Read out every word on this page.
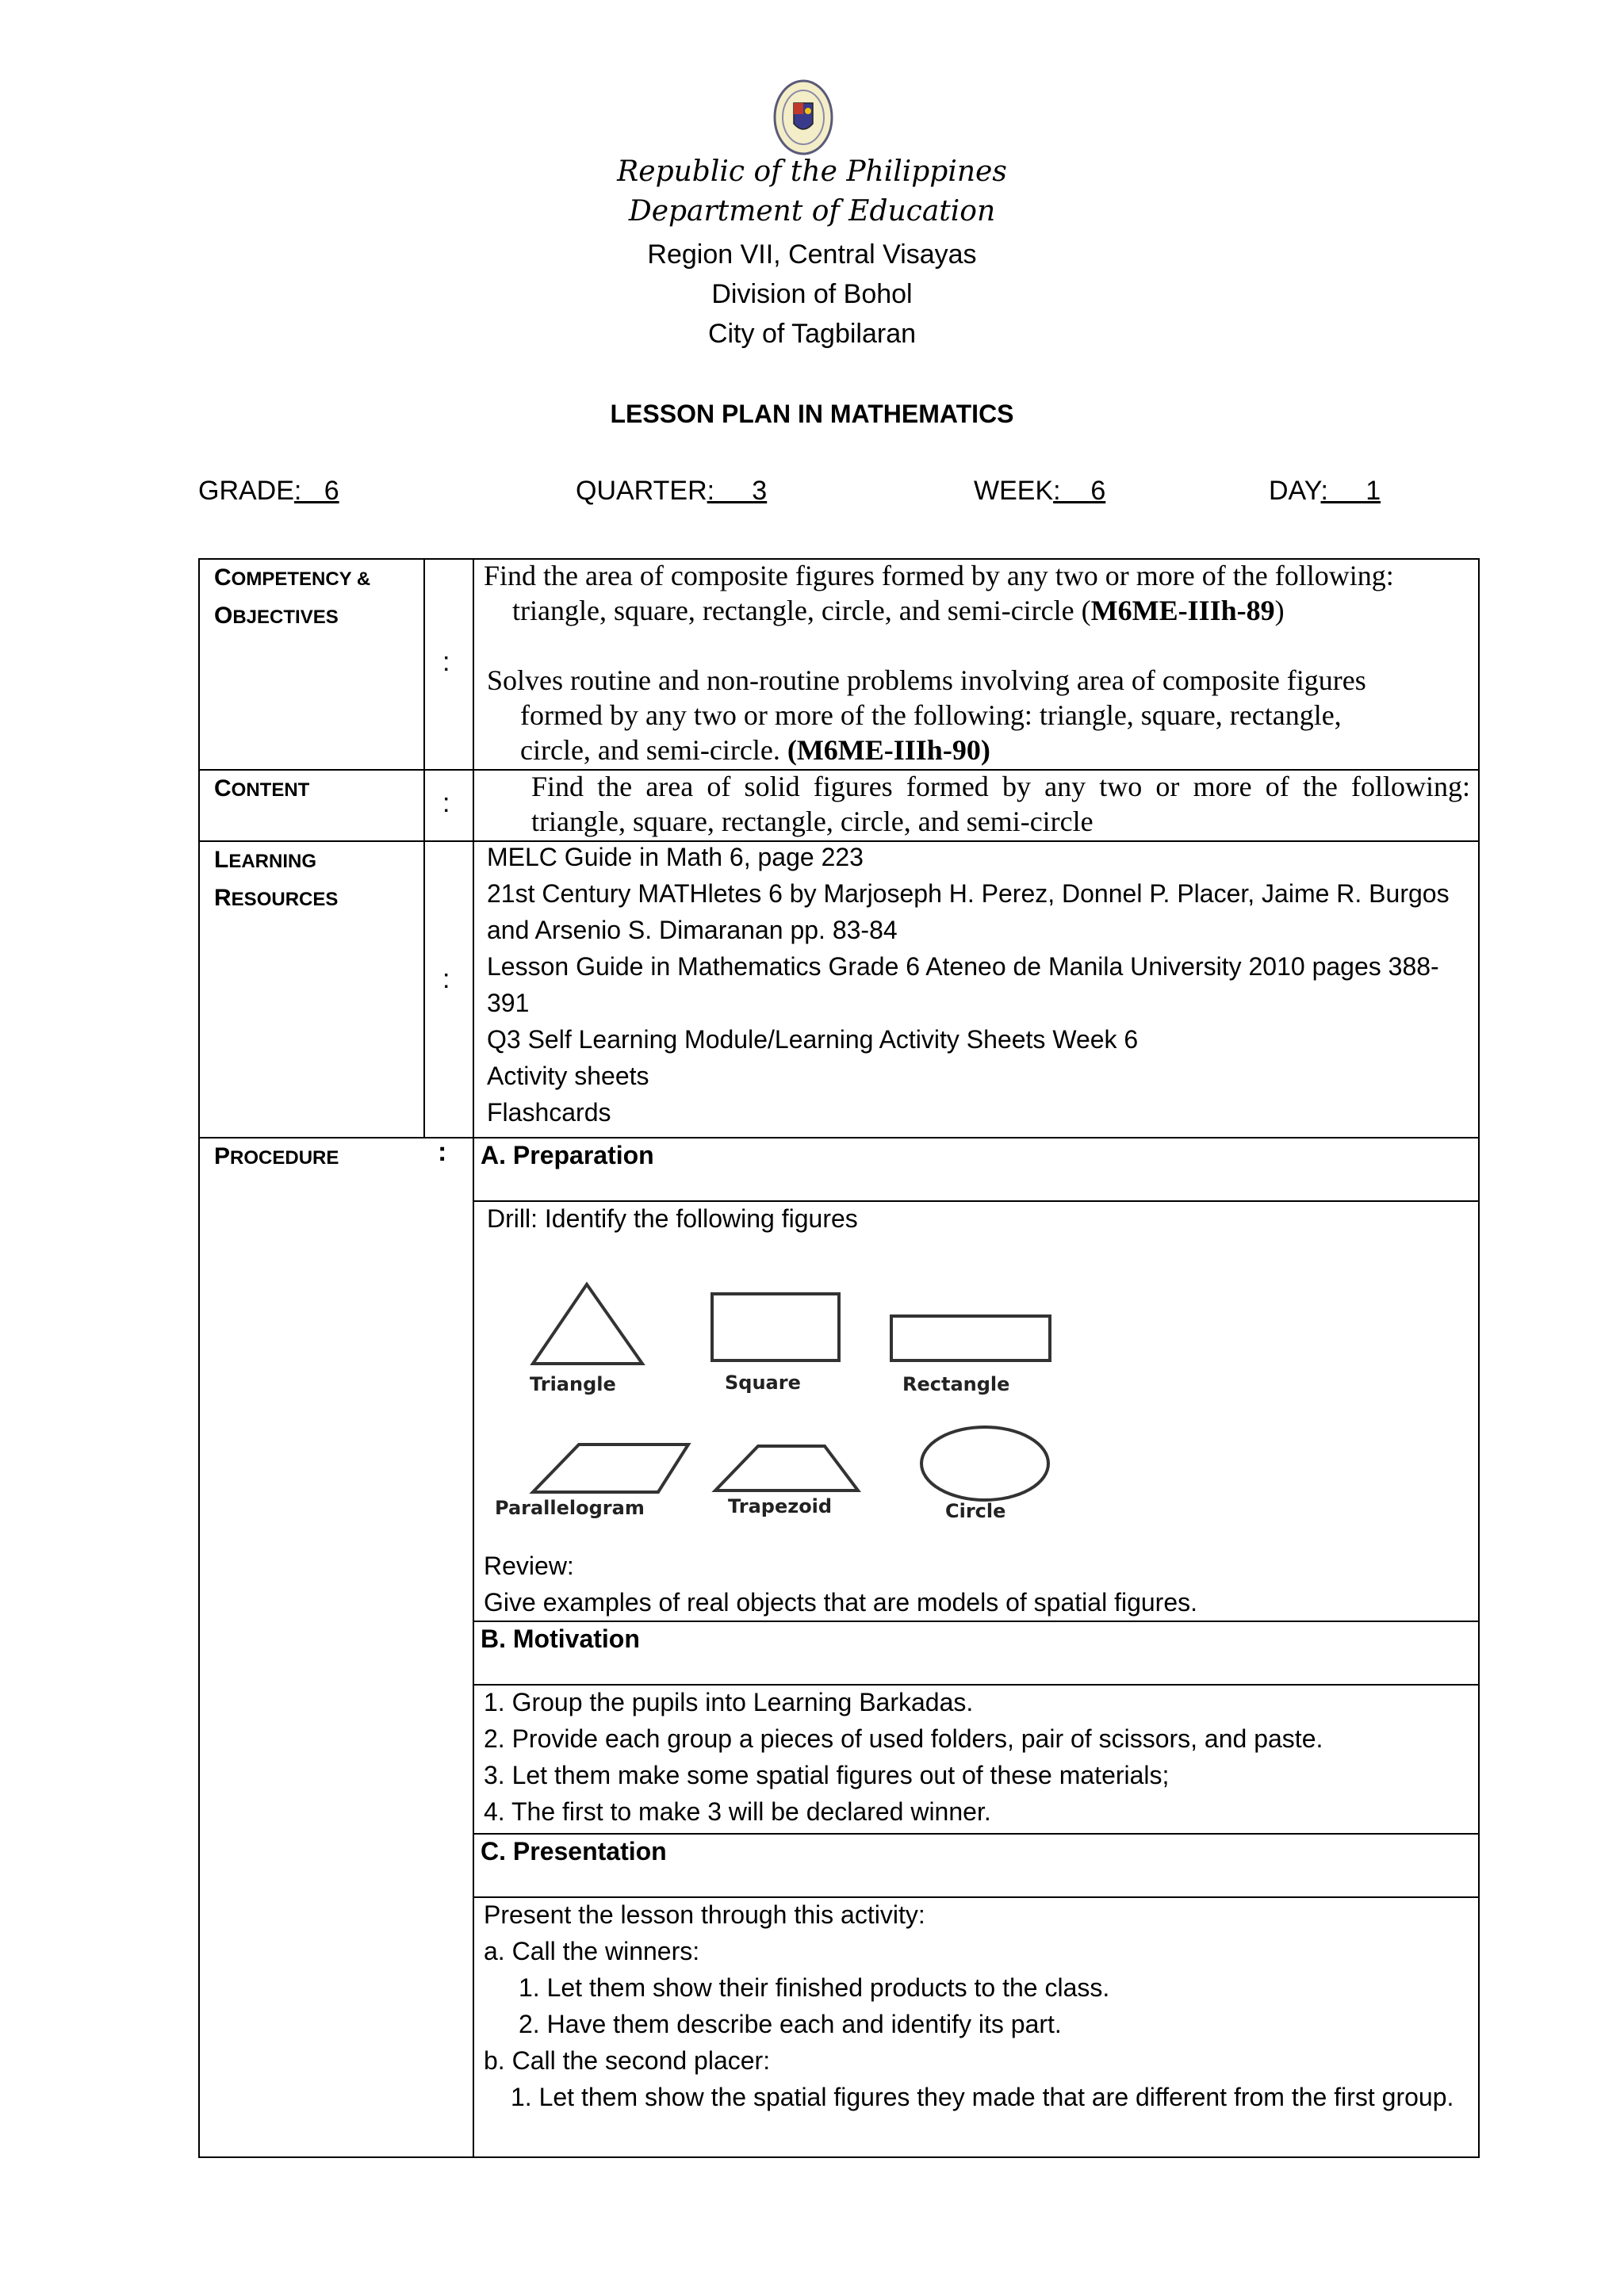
Republic of the Philippines
Department of Education
Region VII, Central Visayas
Division of Bohol
City of Tagbilaran
LESSON PLAN IN MATHEMATICS
GRADE:   6	QUARTER:     3	WEEK:    6	DAY:     1
COMPETENCY &
OBJECTIVES
:
Find the area of composite figures formed by any two or more of the following: triangle, square, rectangle, circle, and semi-circle (M6ME-IIIh-89)
Solves routine and non-routine problems involving area of composite figures formed by any two or more of the following: triangle, square, rectangle, circle, and semi-circle. (M6ME-IIIh-90)
CONTENT	:
Find the area of solid figures formed by any two or more of the following: triangle, square, rectangle, circle, and semi-circle
LEARNING
RESOURCES
:
MELC Guide in Math 6, page 223
21st Century MATHletes 6 by Marjoseph H. Perez, Donnel P. Placer, Jaime R. Burgos and Arsenio S. Dimaranan pp. 83-84
Lesson Guide in Mathematics Grade 6 Ateneo de Manila University 2010 pages 388-391
Q3 Self Learning Module/Learning Activity Sheets Week 6
Activity sheets
Flashcards
PROCEDURE	: A. Preparation
Drill: Identify the following figures
Triangle	Square	Rectangle
Parallelogram	Trapezoid	Circle
Review:
Give examples of real objects that are models of spatial figures.
B. Motivation
1. Group the pupils into Learning Barkadas.
2. Provide each group a pieces of used folders, pair of scissors, and paste.
3. Let them make some spatial figures out of these materials;
4. The first to make 3 will be declared winner.
C. Presentation
Present the lesson through this activity:
a. Call the winners:
1. Let them show their finished products to the class.
2. Have them describe each and identify its part.
b. Call the second placer:
1. Let them show the spatial figures they made that are different from the first group.
